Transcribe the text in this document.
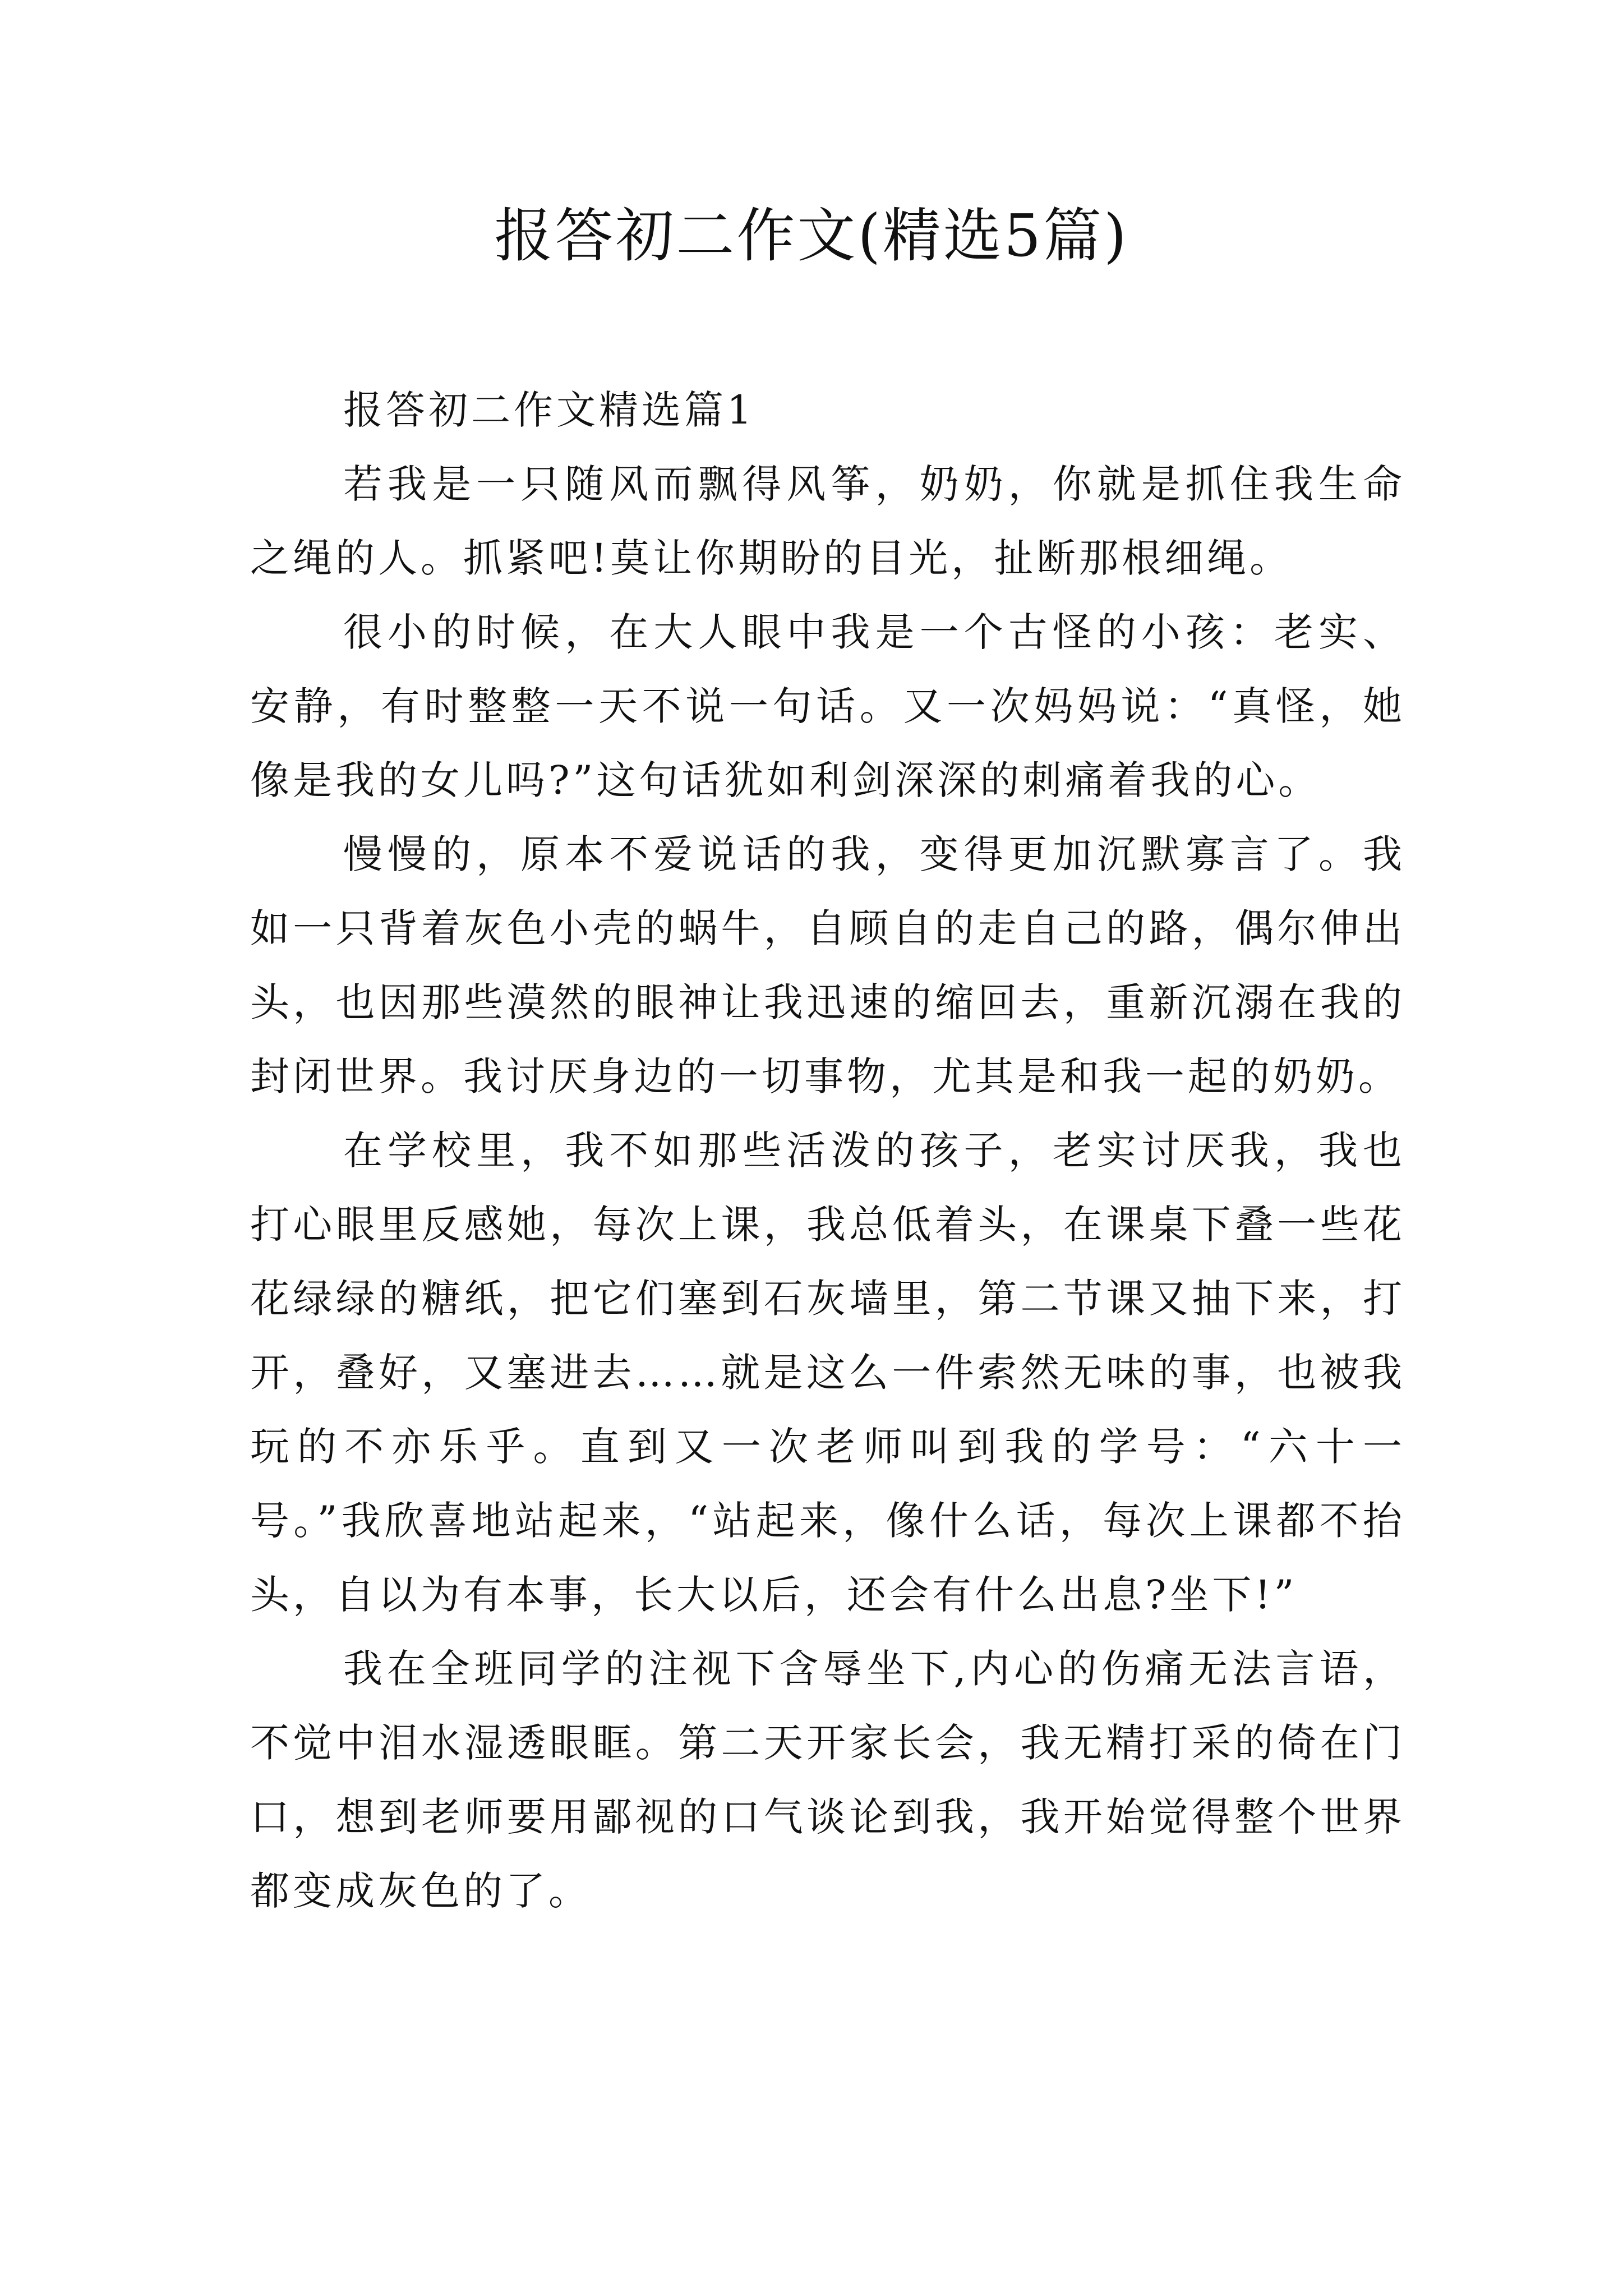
报答初二作文(精选5篇)

报答初二作文精选篇1

若我是一只随风而飘得风筝，奶奶，你就是抓住我生命之绳的人。抓紧吧!莫让你期盼的目光，扯断那根细绳。

很小的时候，在大人眼中我是一个古怪的小孩：老实、安静，有时整整一天不说一句话。又一次妈妈说：“真怪，她像是我的女儿吗?”这句话犹如利剑深深的刺痛着我的心。

慢慢的，原本不爱说话的我，变得更加沉默寡言了。我如一只背着灰色小壳的蜗牛，自顾自的走自己的路，偶尔伸出头，也因那些漠然的眼神让我迅速的缩回去，重新沉溺在我的封闭世界。我讨厌身边的一切事物，尤其是和我一起的奶奶。

在学校里，我不如那些活泼的孩子，老实讨厌我，我也打心眼里反感她，每次上课，我总低着头，在课桌下叠一些花花绿绿的糖纸，把它们塞到石灰墙里，第二节课又抽下来，打开，叠好，又塞进去……就是这么一件索然无味的事，也被我玩的不亦乐乎。直到又一次老师叫到我的学号：“六十一号。”我欣喜地站起来，“站起来，像什么话，每次上课都不抬头，自以为有本事，长大以后，还会有什么出息?坐下!”

我在全班同学的注视下含辱坐下,内心的伤痛无法言语，不觉中泪水湿透眼眶。第二天开家长会，我无精打采的倚在门口，想到老师要用鄙视的口气谈论到我，我开始觉得整个世界都变成灰色的了。
